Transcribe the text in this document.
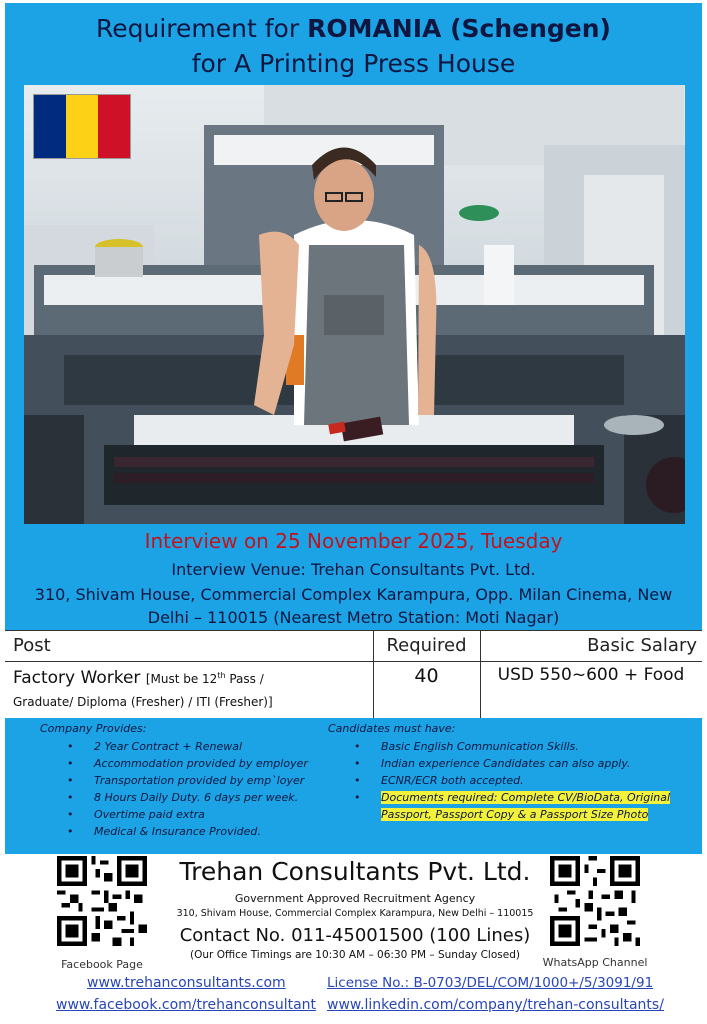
Requirement for ROMANIA (Schengen)
for A Printing Press House
Interview on 25 November 2025, Tuesday
Interview Venue: Trehan Consultants Pvt. Ltd.
310, Shivam House, Commercial Complex Karampura, Opp. Milan Cinema, New
Delhi – 110015 (Nearest Metro Station: Moti Nagar)
Post	Required	Basic Salary
Factory Worker [Must be 12th Pass /
Graduate/ Diploma (Fresher) / ITI (Fresher)]
40	USD 550~600 + Food
Company Provides:
• 2 Year Contract + Renewal
• Accommodation provided by employer
• Transportation provided by emp`loyer
• 8 Hours Daily Duty. 6 days per week.
• Overtime paid extra
• Medical & Insurance Provided.
Candidates must have:
• Basic English Communication Skills.
• Indian experience Candidates can also apply.
• ECNR/ECR both accepted.
• Documents required: Complete CV/BioData, Original
Passport, Passport Copy & a Passport Size Photo
Facebook Page	WhatsApp Channel
Trehan Consultants Pvt. Ltd.
Government Approved Recruitment Agency
310, Shivam House, Commercial Complex Karampura, New Delhi – 110015
Contact No. 011-45001500 (100 Lines)
(Our Office Timings are 10:30 AM – 06:30 PM – Sunday Closed)
www.trehanconsultants.com	License No.: B-0703/DEL/COM/1000+/5/3091/91
www.facebook.com/trehanconsultant www.linkedin.com/company/trehan-consultants/
